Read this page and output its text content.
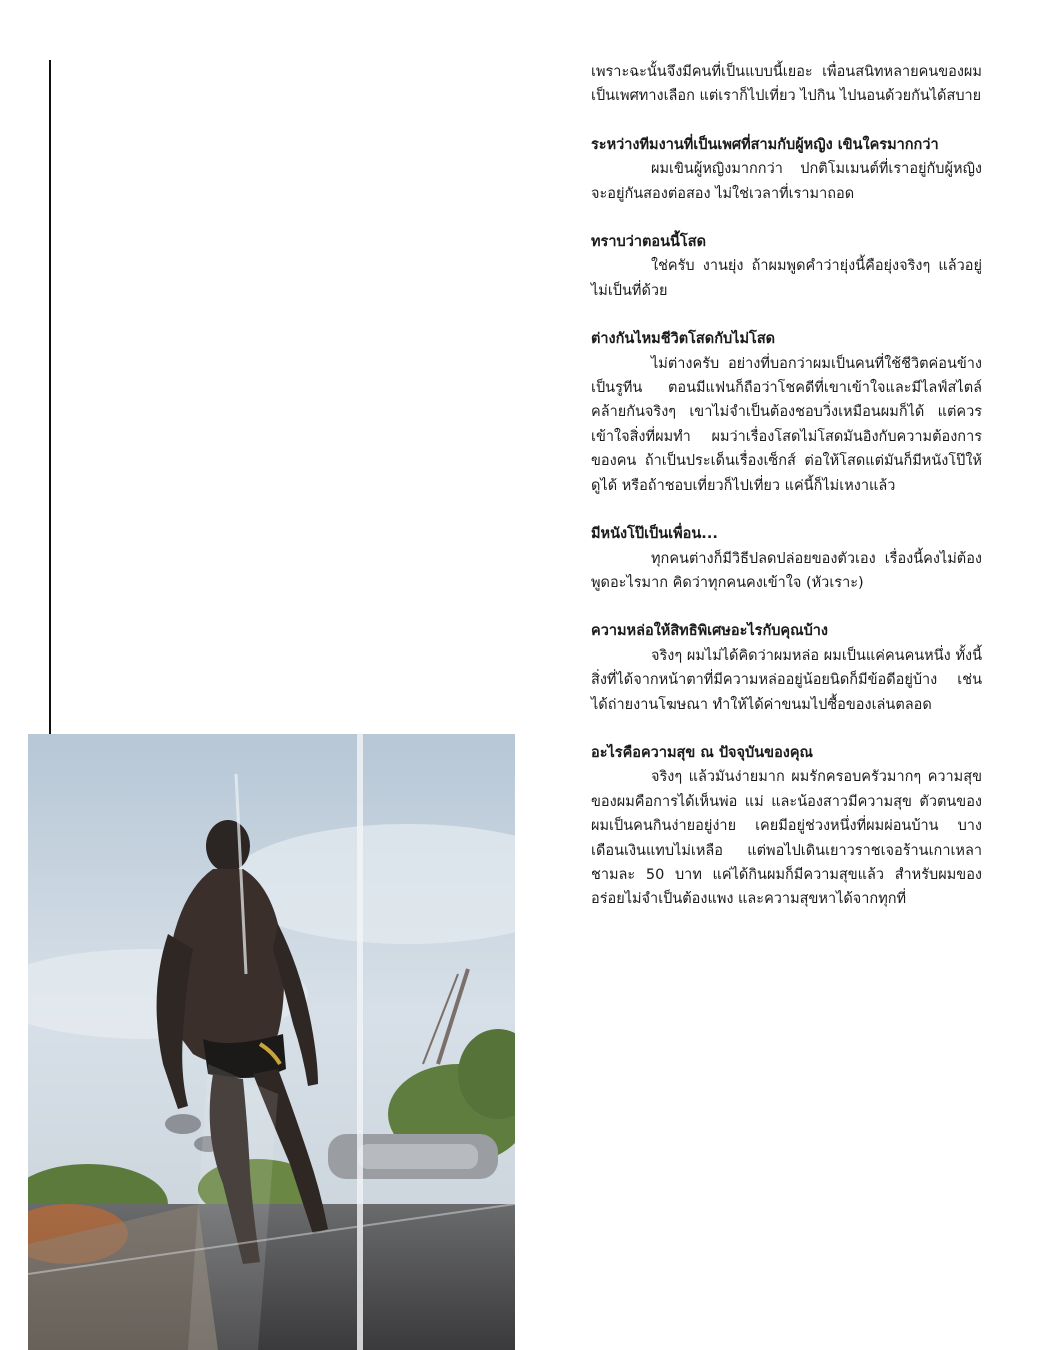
เพราะฉะนั้นจึงมีคนที่เป็นแบบนี้เยอะ เพื่อนสนิทหลายคนของผมเป็นเพศทางเลือก แต่เราก็ไปเที่ยว ไปกิน ไปนอนด้วยกันได้สบาย

ระหว่างทีมงานที่เป็นเพศที่สามกับผู้หญิง เขินใครมากกว่า

ผมเขินผู้หญิงมากกว่า ปกติโมเมนต์ที่เราอยู่กับผู้หญิงจะอยู่กันสองต่อสอง ไม่ใช่เวลาที่เรามาถอด

ทราบว่าตอนนี้โสด

ใช่ครับ งานยุ่ง ถ้าผมพูดคำว่ายุ่งนี้คือยุ่งจริงๆ แล้วอยู่ไม่เป็นที่ด้วย

ต่างกันไหมชีวิตโสดกับไม่โสด

ไม่ต่างครับ อย่างที่บอกว่าผมเป็นคนที่ใช้ชีวิตค่อนข้างเป็นรูทีน ตอนมีแฟนก็ถือว่าโชคดีที่เขาเข้าใจและมีไลฟ์สไตล์คล้ายกันจริงๆ เขาไม่จำเป็นต้องชอบวิ่งเหมือนผมก็ได้ แต่ควรเข้าใจสิ่งที่ผมทำ ผมว่าเรื่องโสดไม่โสดมันอิงกับความต้องการของคน ถ้าเป็นประเด็นเรื่องเซ็กส์ ต่อให้โสดแต่มันก็มีหนังโป๊ให้ดูได้ หรือถ้าชอบเที่ยวก็ไปเที่ยว แค่นี้ก็ไม่เหงาแล้ว

มีหนังโป๊เป็นเพื่อน...

ทุกคนต่างก็มีวิธีปลดปล่อยของตัวเอง เรื่องนี้คงไม่ต้องพูดอะไรมาก คิดว่าทุกคนคงเข้าใจ (หัวเราะ)

ความหล่อให้สิทธิพิเศษอะไรกับคุณบ้าง

จริงๆ ผมไม่ได้คิดว่าผมหล่อ ผมเป็นแค่คนคนหนึ่ง ทั้งนี้สิ่งที่ได้จากหน้าตาที่มีความหล่ออยู่น้อยนิดก็มีข้อดีอยู่บ้าง เช่น ได้ถ่ายงานโฆษณา ทำให้ได้ค่าขนมไปซื้อของเล่นตลอด

อะไรคือความสุข ณ ปัจจุบันของคุณ

จริงๆ แล้วมันง่ายมาก ผมรักครอบครัวมากๆ ความสุขของผมคือการได้เห็นพ่อ แม่ และน้องสาวมีความสุข ตัวตนของผมเป็นคนกินง่ายอยู่ง่าย เคยมีอยู่ช่วงหนึ่งที่ผมผ่อนบ้าน บางเดือนเงินแทบไม่เหลือ แต่พอไปเดินเยาวราชเจอร้านเกาเหลาชามละ 50 บาท แค่ได้กินผมก็มีความสุขแล้ว สำหรับผมของอร่อยไม่จำเป็นต้องแพง และความสุขหาได้จากทุกที่
